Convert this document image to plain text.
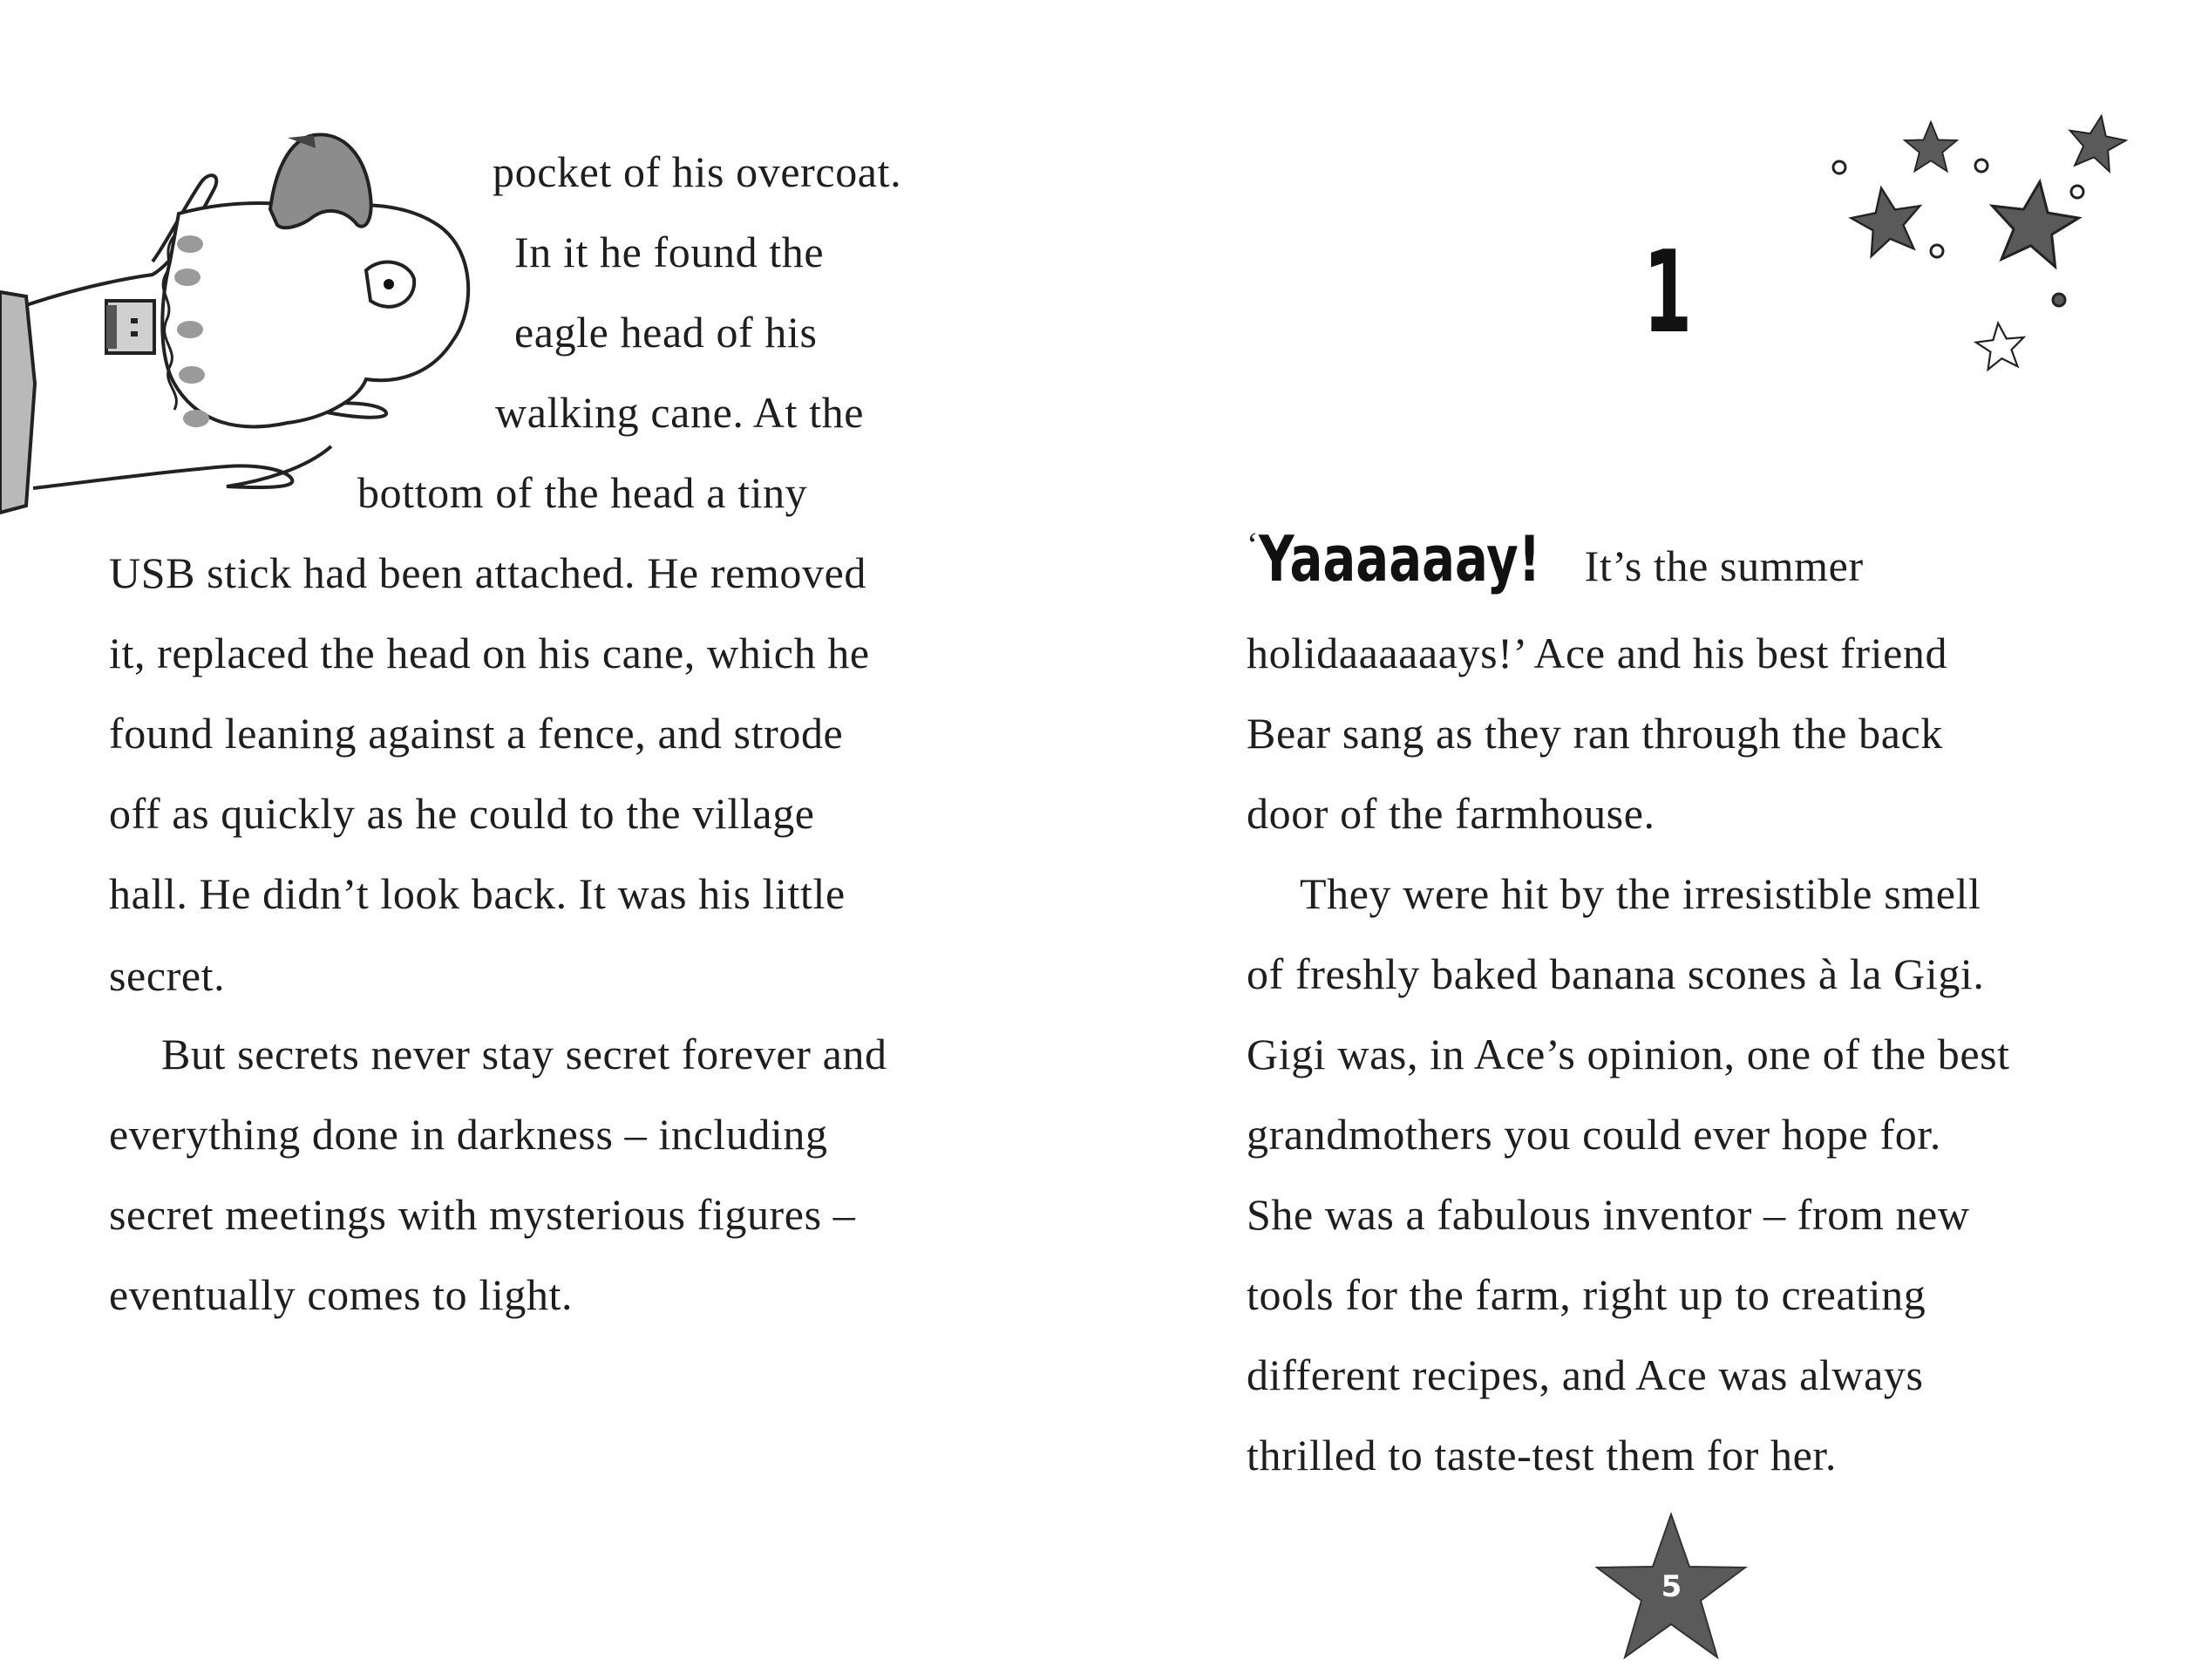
pocket of his overcoat.
In it he found the
eagle head of his
walking cane. At the
bottom of the head a tiny
USB stick had been attached. He removed
it, replaced the head on his cane, which he
found leaning against a fence, and strode
off as quickly as he could to the village
hall. He didn’t look back. It was his little
secret.
But secrets never stay secret forever and
everything done in darkness – including
secret meetings with mysterious figures –
eventually comes to light.
1
‘Yaaaaaay! It’s the summer
holidaaaaaays!’ Ace and his best friend
Bear sang as they ran through the back
door of the farmhouse.
They were hit by the irresistible smell
of freshly baked banana scones à la Gigi.
Gigi was, in Ace’s opinion, one of the best
grandmothers you could ever hope for.
She was a fabulous inventor – from new
tools for the farm, right up to creating
different recipes, and Ace was always
thrilled to taste-test them for her.
5
